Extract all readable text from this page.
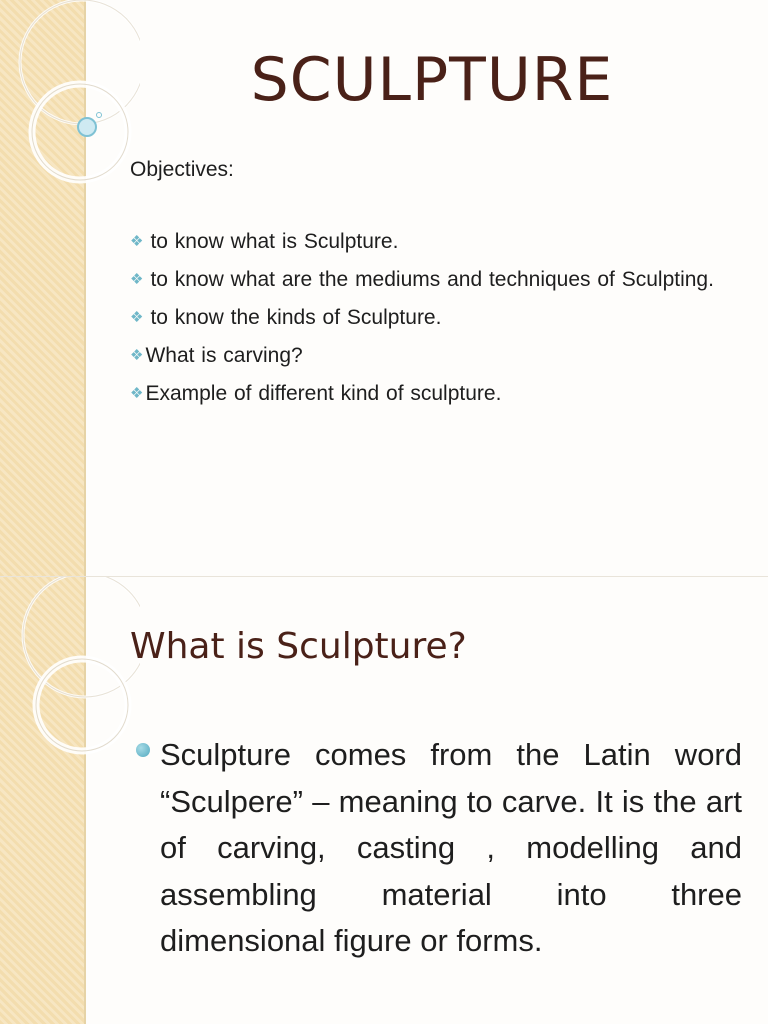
SCULPTURE

Objectives:

❖ to know what is Sculpture.
❖ to know what are the mediums and techniques of Sculpting.
❖ to know the kinds of Sculpture.
❖What is carving?
❖Example of different kind of sculpture.
What is Sculpture?

Sculpture comes from the Latin word “Sculpere” – meaning to carve. It is the art of carving, casting , modelling and assembling material into three dimensional figure or forms.
